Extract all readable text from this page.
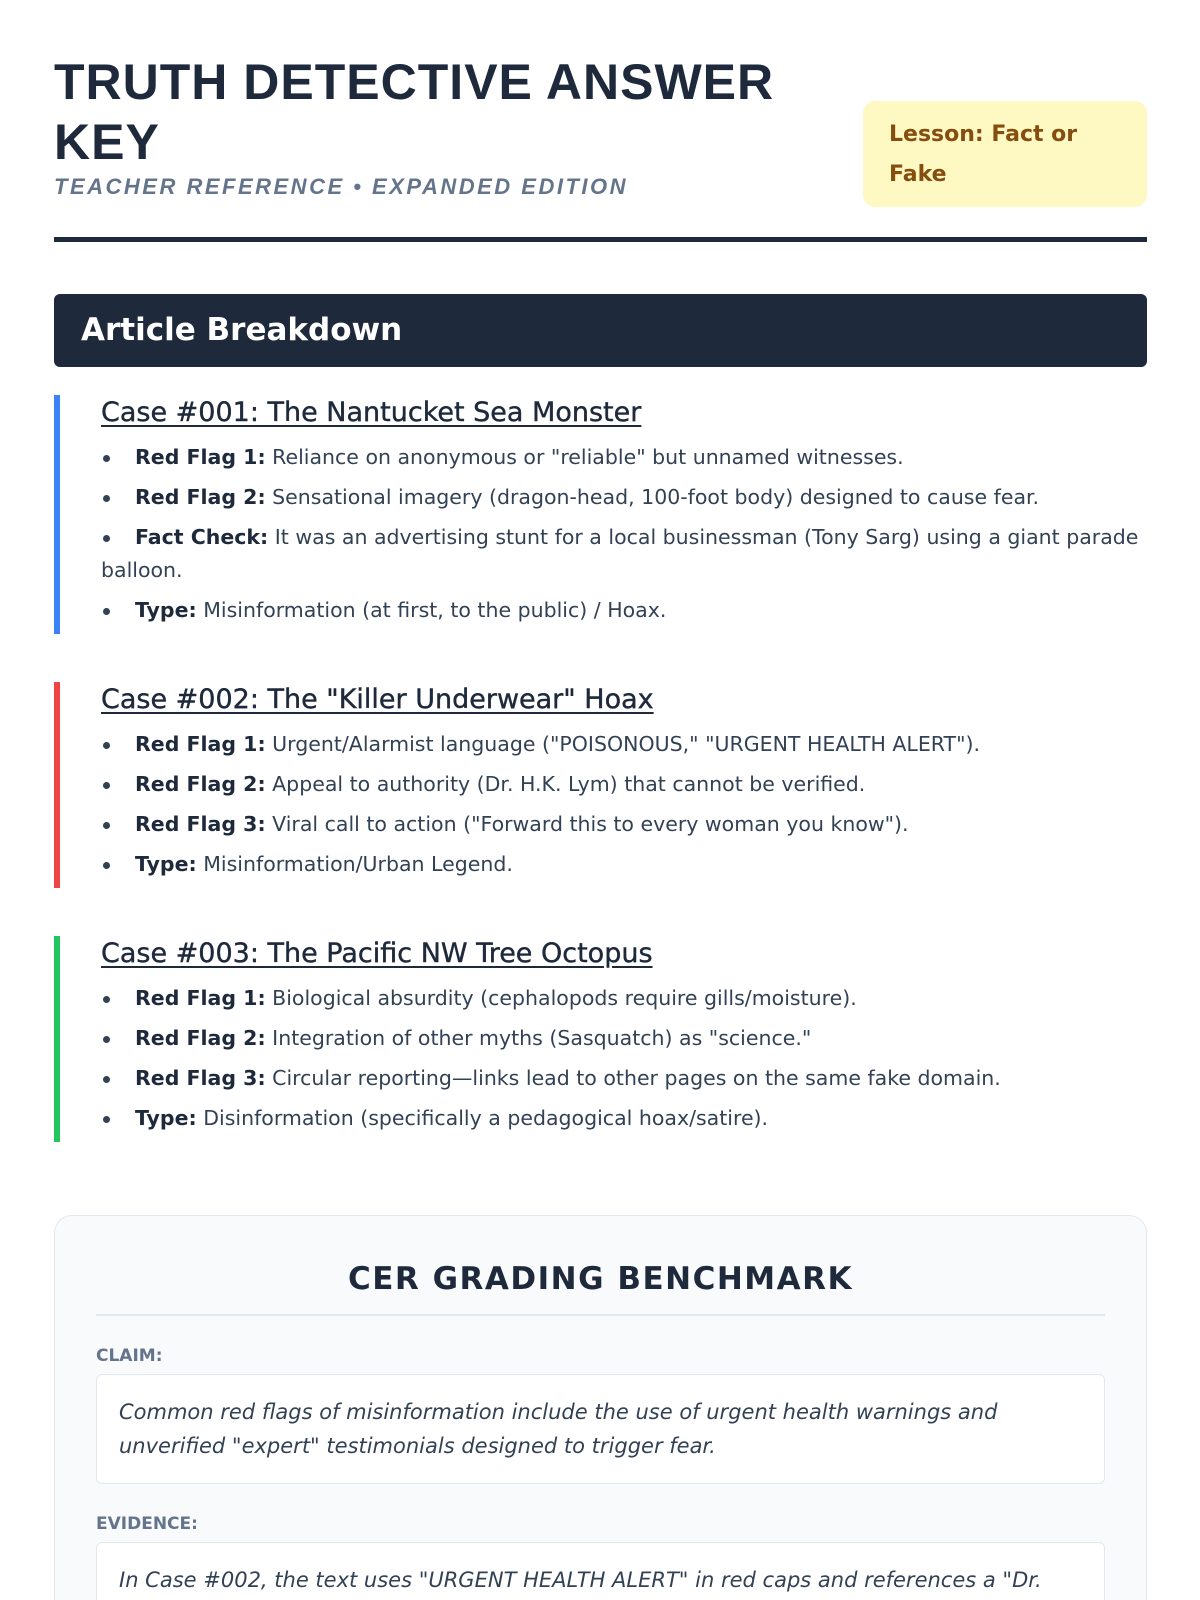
TRUTH DETECTIVE ANSWER KEY
TEACHER REFERENCE • EXPANDED EDITION
Lesson: Fact or Fake
Article Breakdown
Case #001: The Nantucket Sea Monster
Red Flag 1: Reliance on anonymous or "reliable" but unnamed witnesses.
Red Flag 2: Sensational imagery (dragon-head, 100-foot body) designed to cause fear.
Fact Check: It was an advertising stunt for a local businessman (Tony Sarg) using a giant parade balloon.
Type: Misinformation (at first, to the public) / Hoax.
Case #002: The "Killer Underwear" Hoax
Red Flag 1: Urgent/Alarmist language ("POISONOUS," "URGENT HEALTH ALERT").
Red Flag 2: Appeal to authority (Dr. H.K. Lym) that cannot be verified.
Red Flag 3: Viral call to action ("Forward this to every woman you know").
Type: Misinformation/Urban Legend.
Case #003: The Pacific NW Tree Octopus
Red Flag 1: Biological absurdity (cephalopods require gills/moisture).
Red Flag 2: Integration of other myths (Sasquatch) as "science."
Red Flag 3: Circular reporting—links lead to other pages on the same fake domain.
Type: Disinformation (specifically a pedagogical hoax/satire).
CER GRADING BENCHMARK
CLAIM:
Common red flags of misinformation include the use of urgent health warnings and unverified "expert" testimonials designed to trigger fear.
EVIDENCE:
In Case #002, the text uses "URGENT HEALTH ALERT" in red caps and references a "Dr.
